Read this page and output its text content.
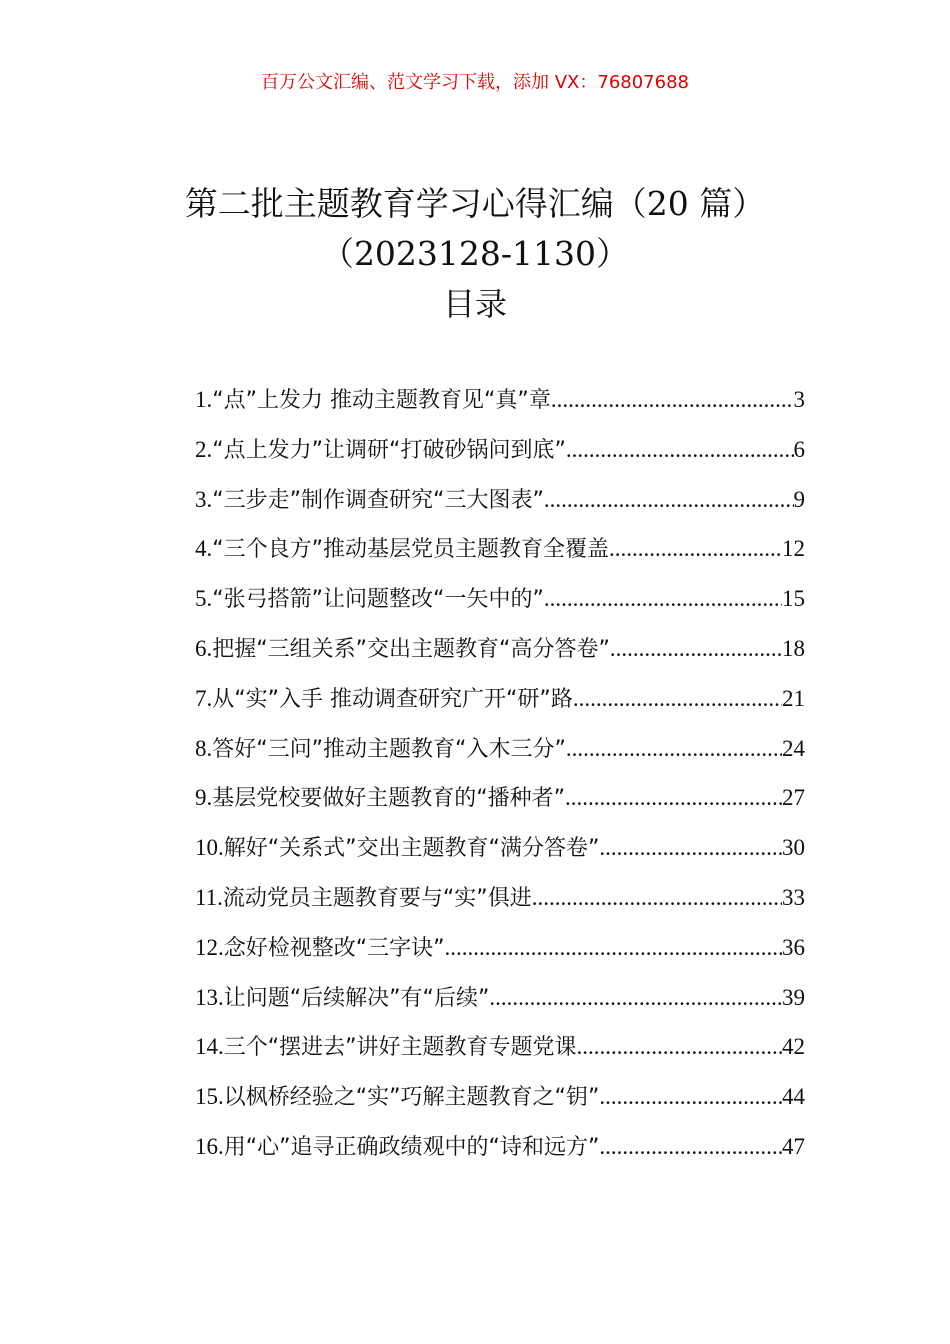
百万公文汇编、范文学习下载，添加 VX：76807688
第二批主题教育学习心得汇编（20 篇）
（2023128-1130）
目录
1. “点”上发力 推动主题教育见“真”章 .....	3
2. “点上发力”让调研“打破砂锅问到底” .....	6
3. “三步走”制作调查研究“三大图表” .....	9
4. “三个良方”推动基层党员主题教育全覆盖 .....	12
5. “张弓搭箭”让问题整改“一矢中的” .....	15
6. 把握“三组关系”交出主题教育“高分答卷” .....	18
7. 从“实”入手 推动调查研究广开“研”路 .....	21
8. 答好“三问”推动主题教育“入木三分” .....	24
9. 基层党校要做好主题教育的“播种者” .....	27
10. 解好“关系式”交出主题教育“满分答卷” .....	30
11. 流动党员主题教育要与“实”俱进 .....	33
12. 念好检视整改“三字诀” .....	36
13. 让问题“后续解决”有“后续” .....	39
14. 三个“摆进去”讲好主题教育专题党课 .....	42
15. 以枫桥经验之“实”巧解主题教育之“钥” .....	44
16. 用“心”追寻正确政绩观中的“诗和远方” .....	47
